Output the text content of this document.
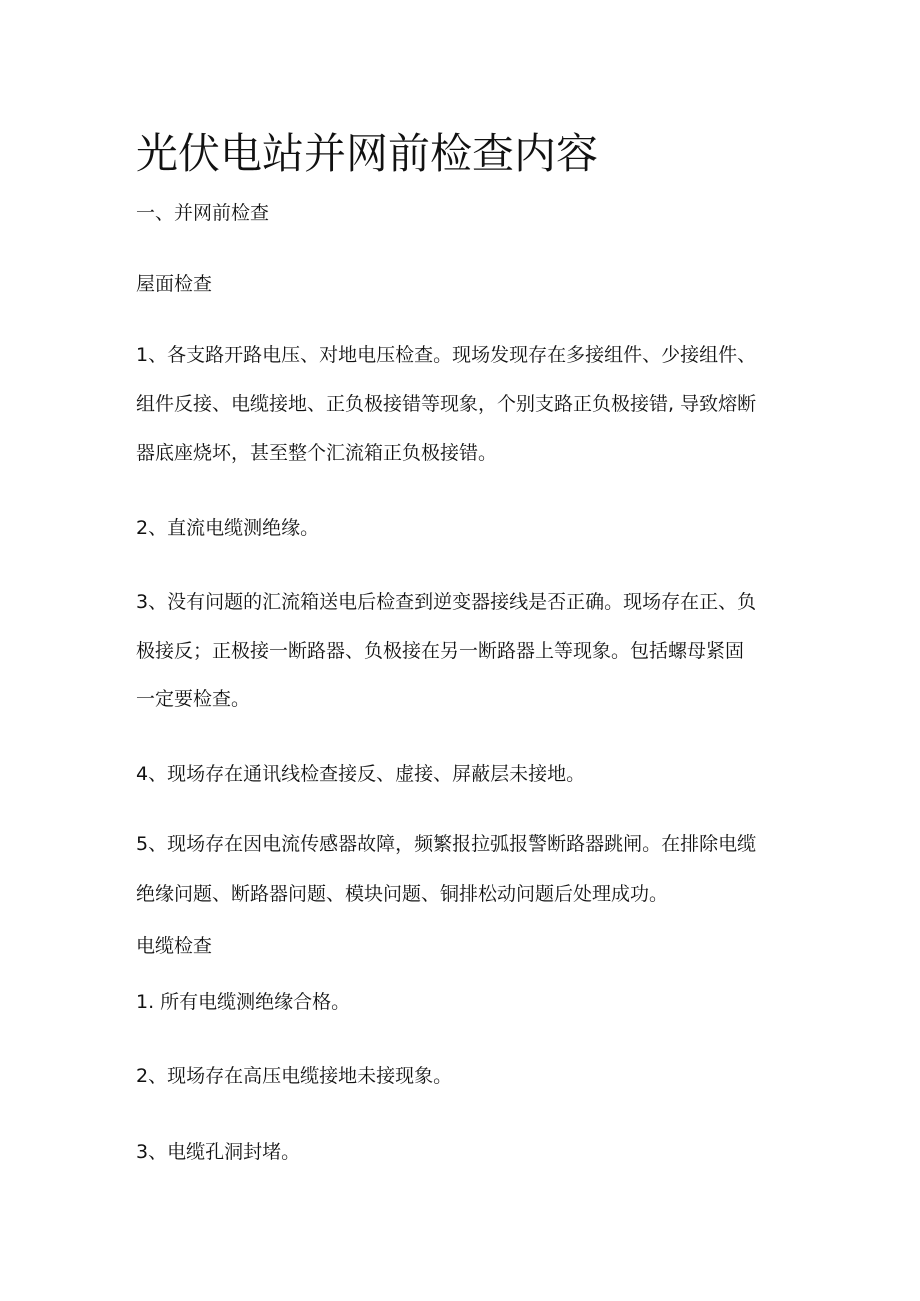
光伏电站并网前检查内容

一、并网前检查

屋面检查

1、各支路开路电压、对地电压检查。现场发现存在多接组件、少接组件、

组件反接、电缆接地、正负极接错等现象，个别支路正负极接错, 导致熔断

器底座烧坏，甚至整个汇流箱正负极接错。

2、直流电缆测绝缘。

3、没有问题的汇流箱送电后检查到逆变器接线是否正确。现场存在正、负

极接反；正极接一断路器、负极接在另一断路器上等现象。包括螺母紧固

一定要检查。

4、现场存在通讯线检查接反、虚接、屏蔽层未接地。

5、现场存在因电流传感器故障，频繁报拉弧报警断路器跳闸。在排除电缆

绝缘问题、断路器问题、模块问题、铜排松动问题后处理成功。

电缆检查

1. 所有电缆测绝缘合格。

2、现场存在高压电缆接地未接现象。

3、电缆孔洞封堵。
